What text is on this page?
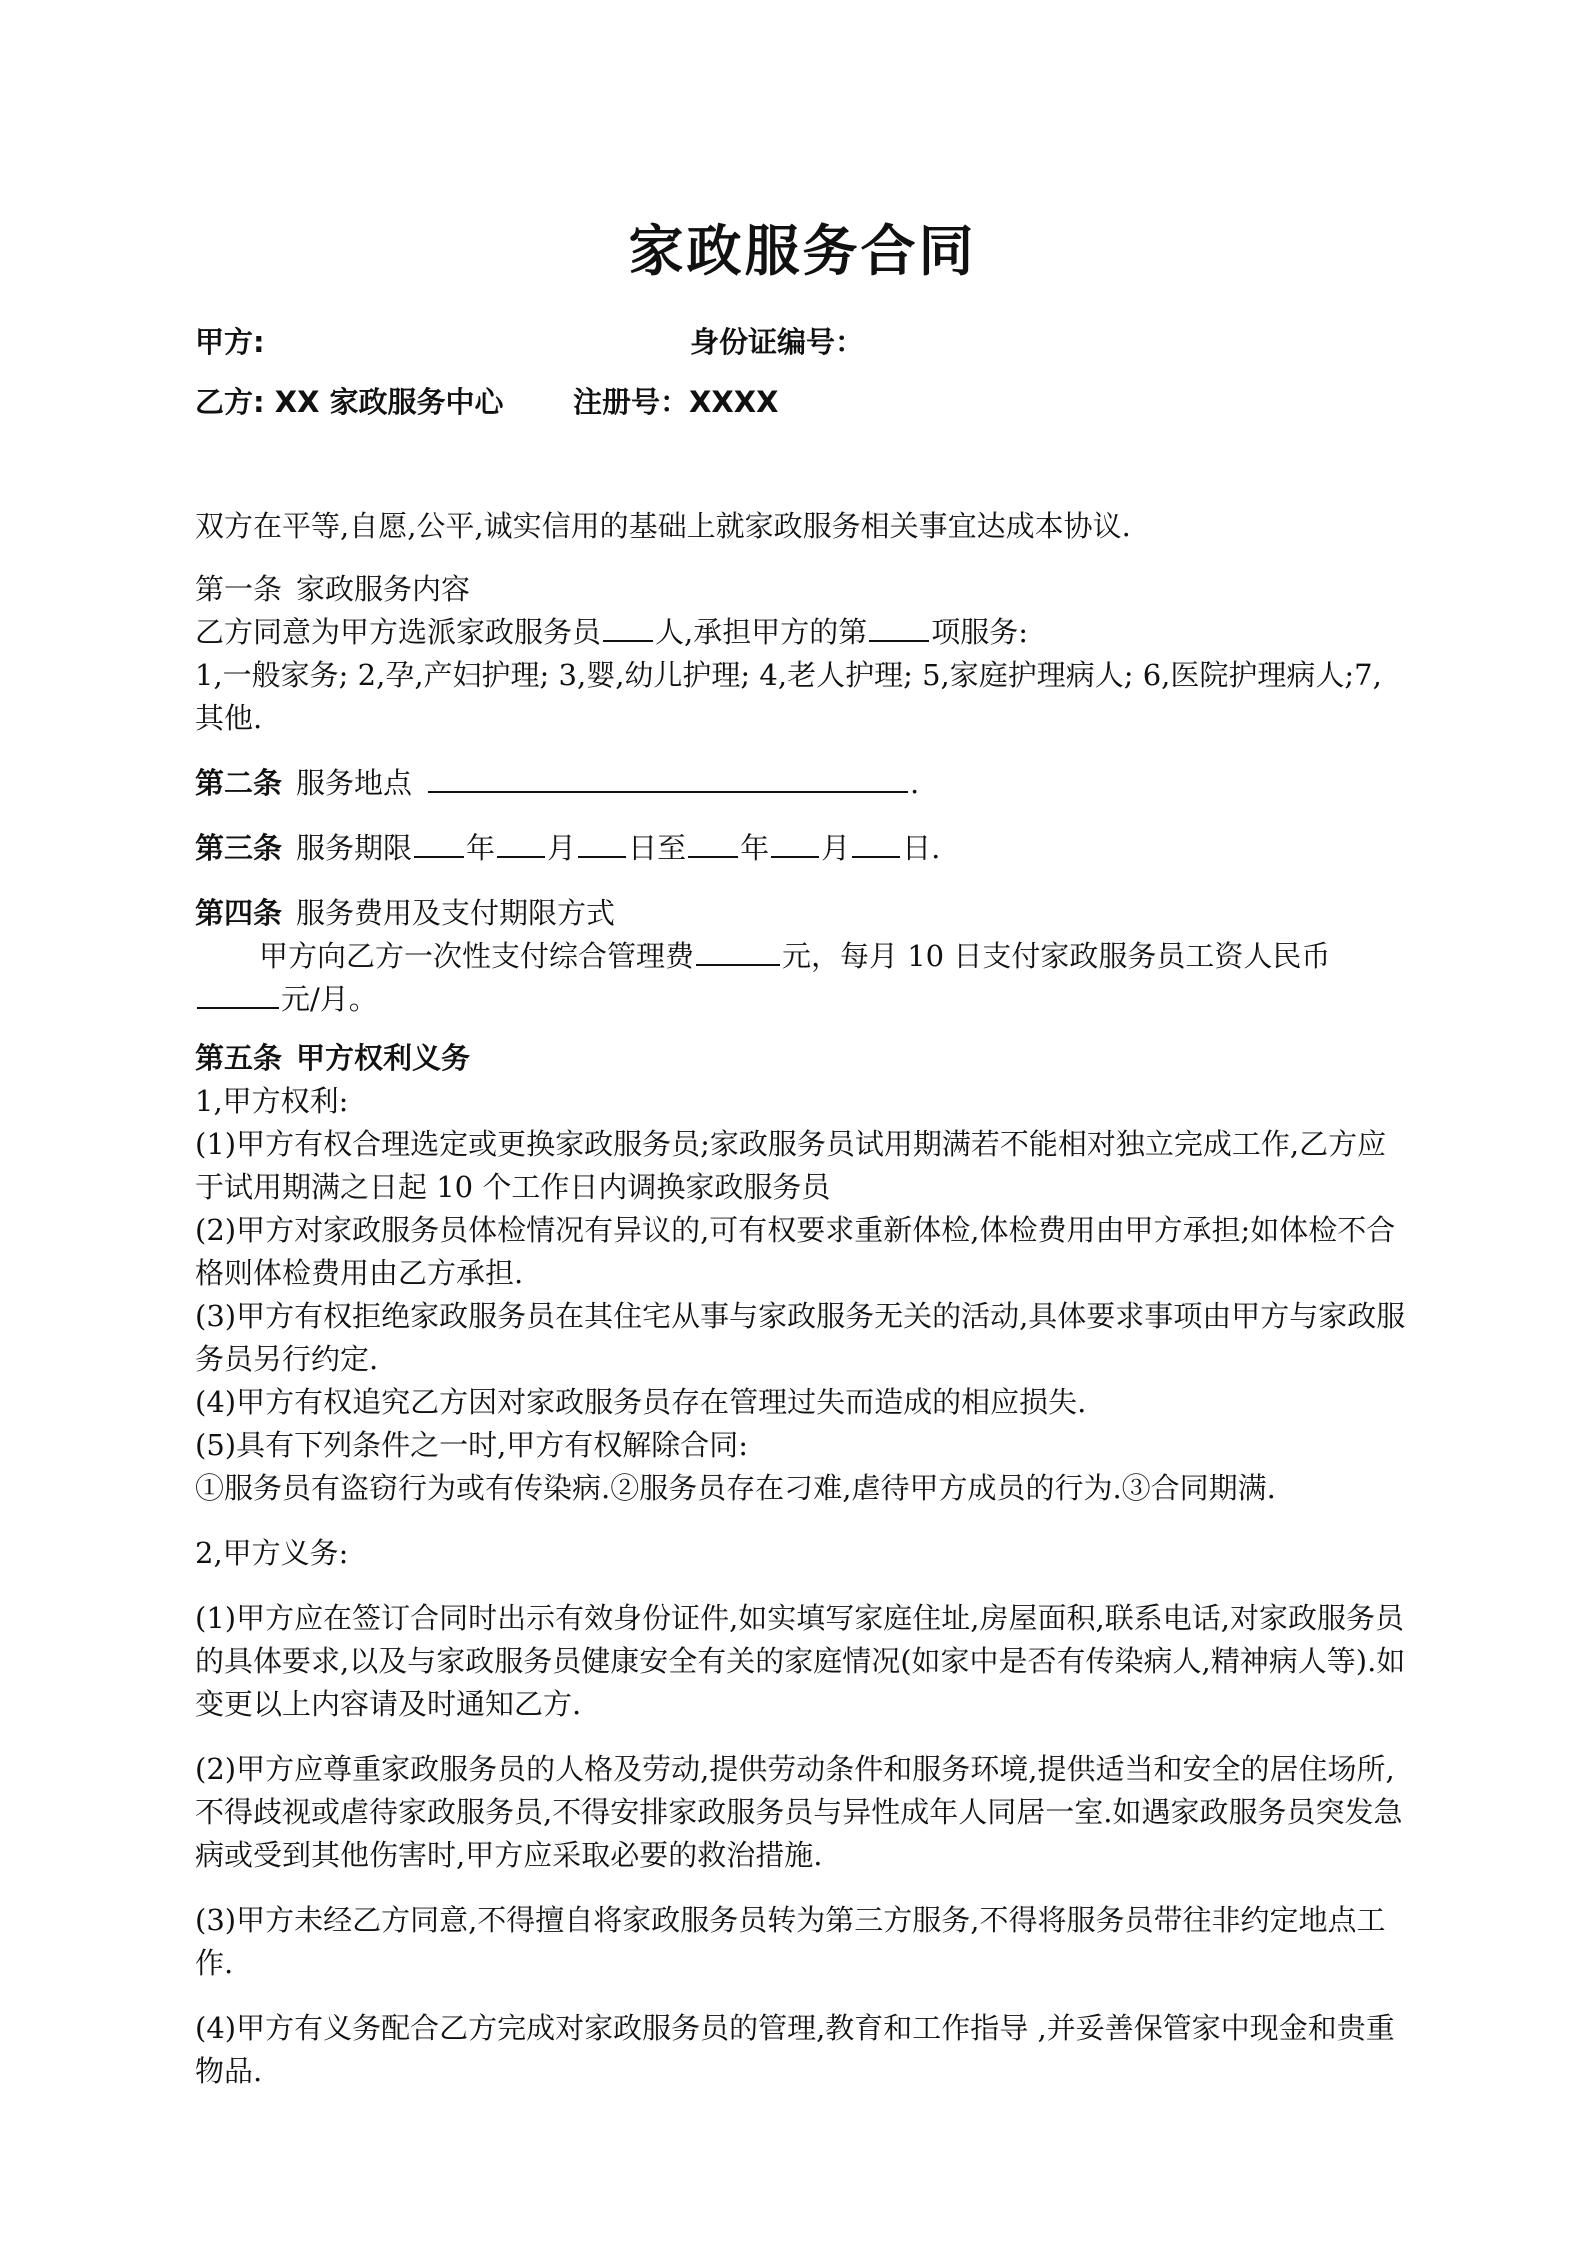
家政服务合同
甲方:	身份证编号：
乙方: XX 家政服务中心 注册号：XXXX

双方在平等,自愿,公平,诚实信用的基础上就家政服务相关事宜达成本协议.

第一条 家政服务内容

乙方同意为甲方选派家政服务员 人,承担甲方的第 项服务:

1,一般家务; 2,孕,产妇护理; 3,婴,幼儿护理; 4,老人护理; 5,家庭护理病人; 6,医院护理病人;7,其他.

第二条 服务地点	.

第三条 服务期限 年 月 日至 年 月 日.

第四条 服务费用及支付期限方式

甲方向乙方一次性支付综合管理费	元，每月 10 日支付家政服务员工资人民币元/月。

第五条 甲方权利义务

1,甲方权利:

(1)甲方有权合理选定或更换家政服务员;家政服务员试用期满若不能相对独立完成工作,乙方应于试用期满之日起 10 个工作日内调换家政服务员

(2)甲方对家政服务员体检情况有异议的,可有权要求重新体检,体检费用由甲方承担;如体检不合格则体检费用由乙方承担.

(3)甲方有权拒绝家政服务员在其住宅从事与家政服务无关的活动,具体要求事项由甲方与家政服务员另行约定.

(4)甲方有权追究乙方因对家政服务员存在管理过失而造成的相应损失.

(5)具有下列条件之一时,甲方有权解除合同:

①服务员有盗窃行为或有传染病.②服务员存在刁难,虐待甲方成员的行为.③合同期满.

2,甲方义务:

(1)甲方应在签订合同时出示有效身份证件,如实填写家庭住址,房屋面积,联系电话,对家政服务员的具体要求,以及与家政服务员健康安全有关的家庭情况(如家中是否有传染病人,精神病人等).如变更以上内容请及时通知乙方.

(2)甲方应尊重家政服务员的人格及劳动,提供劳动条件和服务环境,提供适当和安全的居住场所,不得歧视或虐待家政服务员,不得安排家政服务员与异性成年人同居一室.如遇家政服务员突发急病或受到其他伤害时,甲方应采取必要的救治措施.

(3)甲方未经乙方同意,不得擅自将家政服务员转为第三方服务,不得将服务员带往非约定地点工作.

(4)甲方有义务配合乙方完成对家政服务员的管理,教育和工作指导 ,并妥善保管家中现金和贵重物品.
